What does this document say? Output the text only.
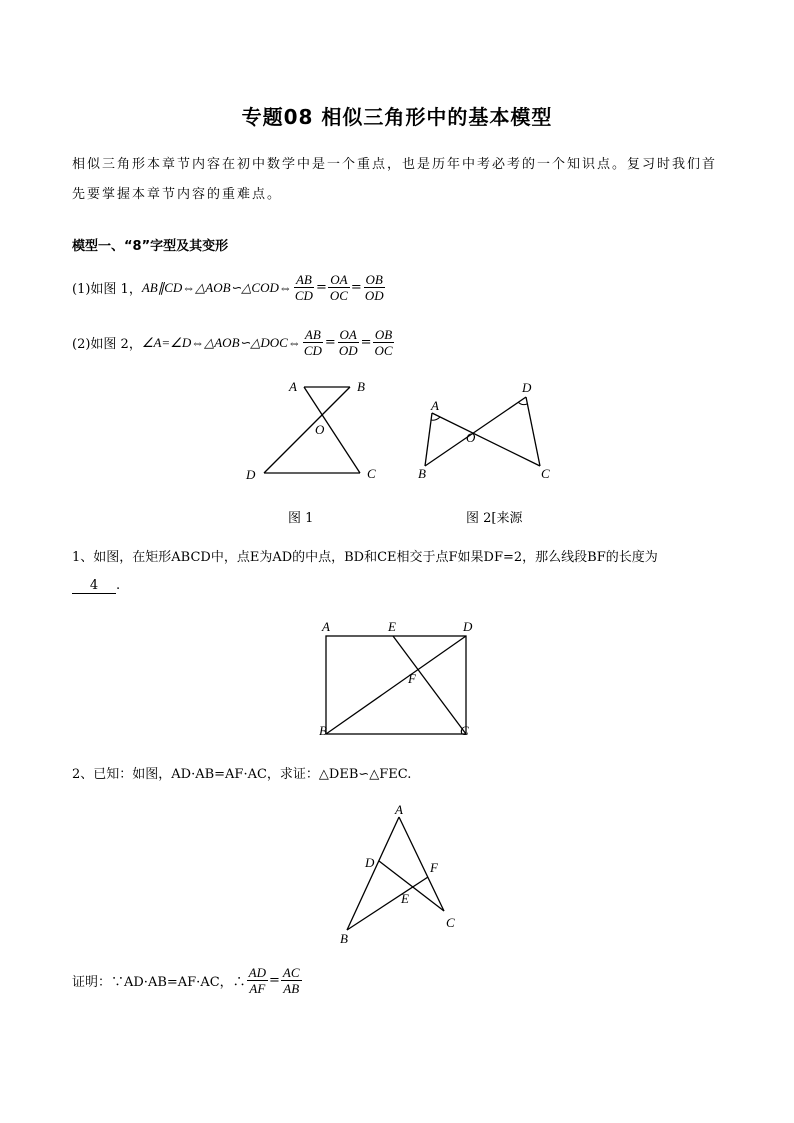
专题08 相似三角形中的基本模型
相似三角形本章节内容在初中数学中是一个重点，也是历年中考必考的一个知识点。复习时我们首先要掌握本章节内容的重难点。
模型一、“8”字型及其变形
(1)如图 1， AB∥CD⇔△AOB∽△COD⇔ $\frac{AB}{CD} = \frac{OA}{OC} = \frac{OB}{OD}$
(2)如图 2， ∠A=∠D⇔△AOB∽△DOC⇔ $\frac{AB}{CD} = \frac{OA}{OD} = \frac{OB}{OC}$
A	B
O
D	C
A
D
O
B	C
图 1	图 2[来源
1、如图，在矩形ABCD中，点E为AD的中点，BD和CE相交于点F如果DF=2，那么线段BF的长度为
4 .
A	E	D
F
B	C
2、已知：如图，AD·AB=AF·AC，求证：△DEB∽△FEC.
A
D	F
E
B
C
证明：∵AD·AB=AF·AC，∴ $\frac{AD}{AF} = \frac{AC}{AB}$
